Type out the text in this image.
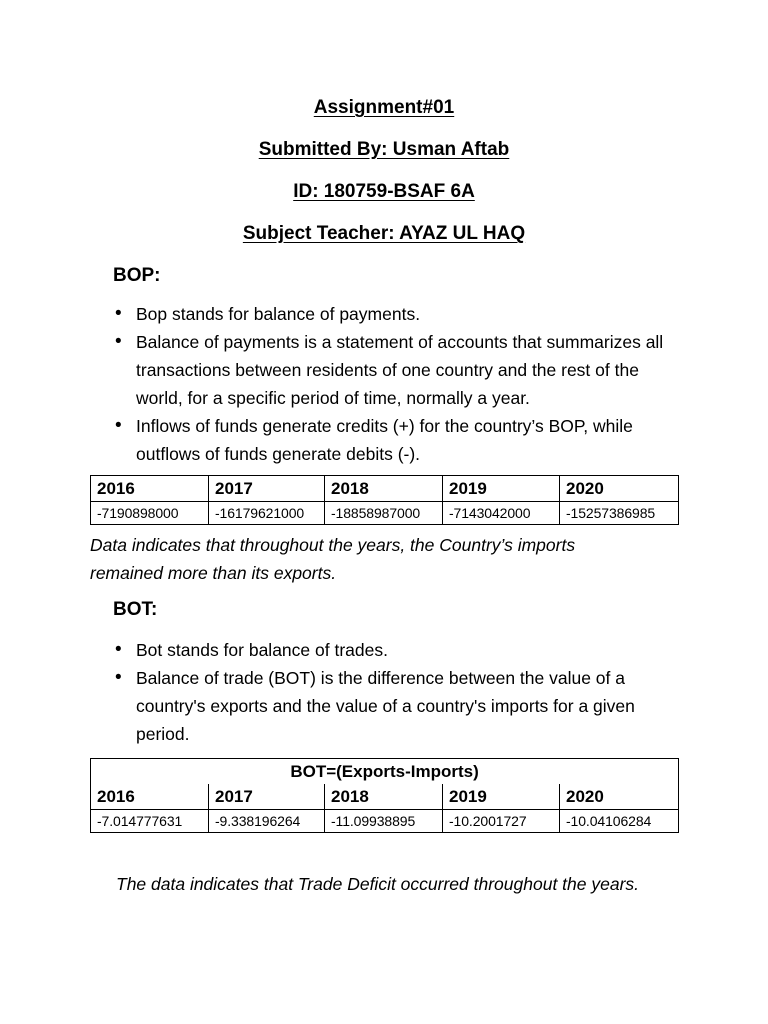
Assignment#01
Submitted By: Usman Aftab
ID: 180759-BSAF 6A
Subject Teacher: AYAZ UL HAQ
BOP:
• Bop stands for balance of payments.
• Balance of payments is a statement of accounts that summarizes all transactions between residents of one country and the rest of the world, for a specific period of time, normally a year.
• Inflows of funds generate credits (+) for the country’s BOP, while outflows of funds generate debits (-).
2016	2017	2018	2019	2020
-7190898000	-16179621000	-18858987000	-7143042000	-15257386985
Data indicates that throughout the years, the Country’s imports remained more than its exports.
BOT:
• Bot stands for balance of trades.
• Balance of trade (BOT) is the difference between the value of a country's exports and the value of a country's imports for a given period.
BOT=(Exports-Imports)				
2016	2017	2018	2019	2020
-7.014777631	-9.338196264	-11.09938895	-10.2001727	-10.04106284
The data indicates that Trade Deficit occurred throughout the years.
